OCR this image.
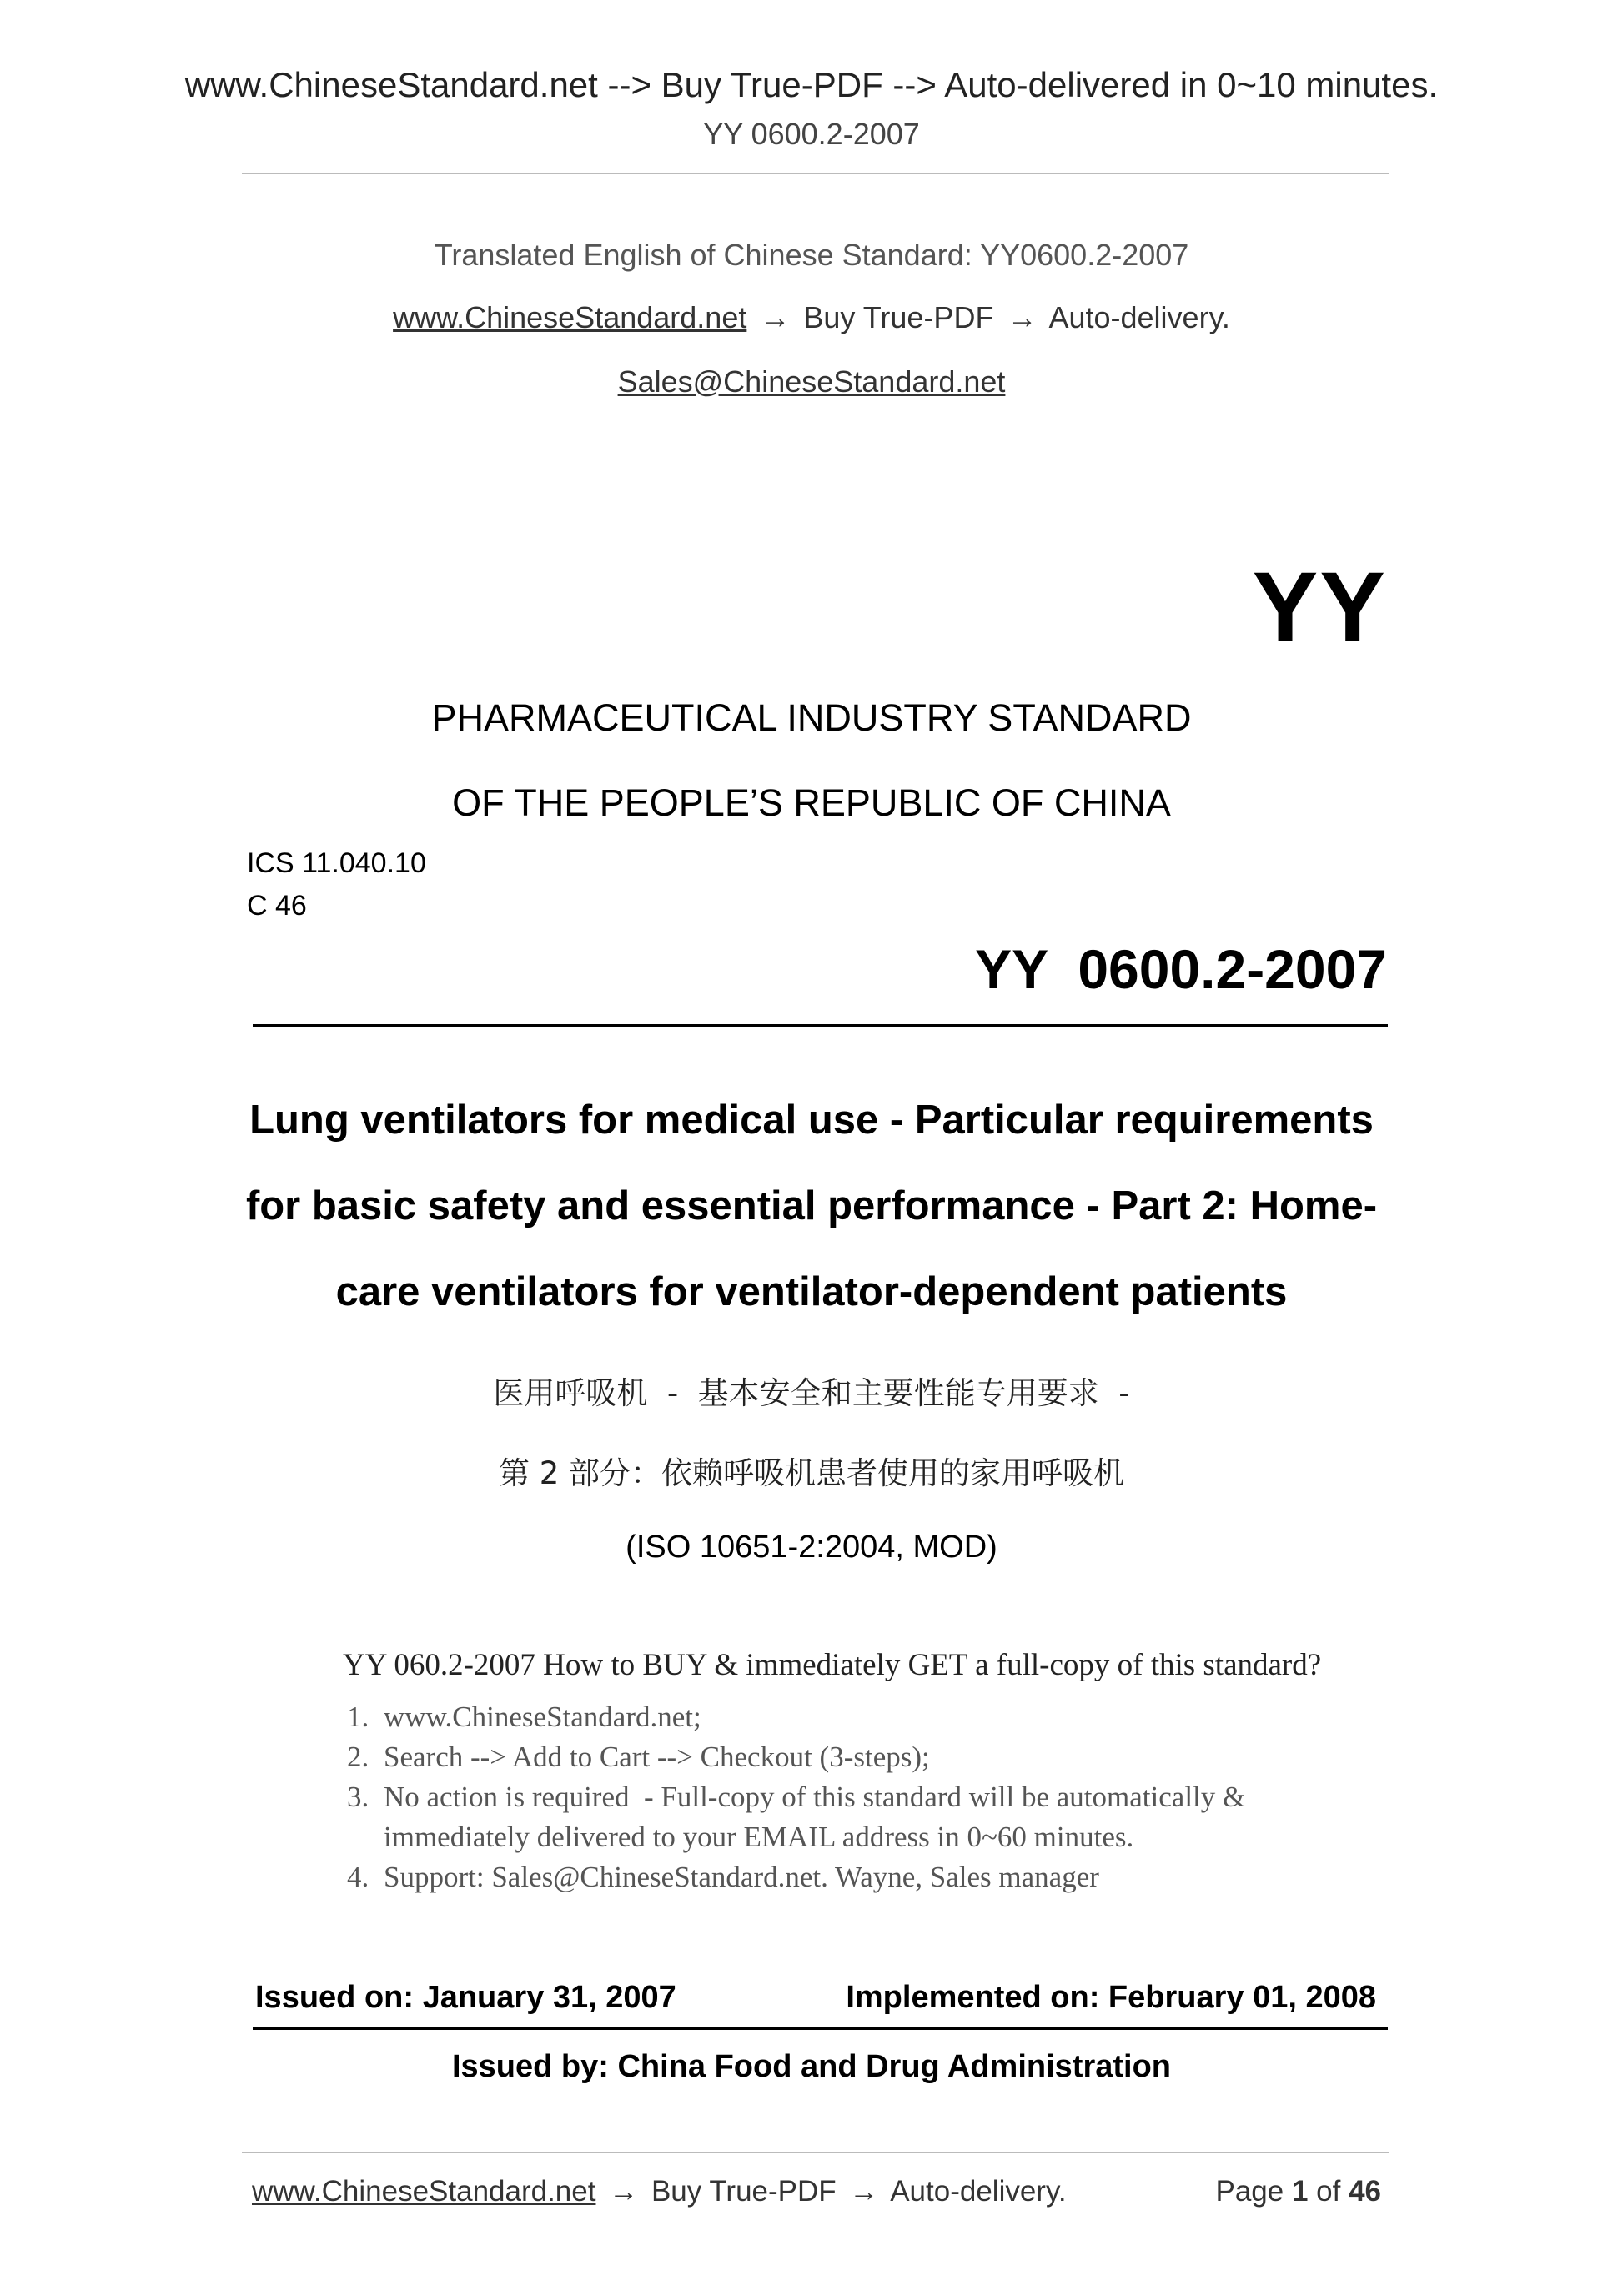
www.ChineseStandard.net --> Buy True-PDF --> Auto-delivered in 0~10 minutes.
YY 0600.2-2007
Translated English of Chinese Standard: YY0600.2-2007
www.ChineseStandard.net → Buy True-PDF → Auto-delivery.
Sales@ChineseStandard.net
YY
PHARMACEUTICAL INDUSTRY STANDARD
OF THE PEOPLE’S REPUBLIC OF CHINA
ICS 11.040.10
C 46
YY 0600.2-2007
Lung ventilators for medical use - Particular requirements
for basic safety and essential performance - Part 2: Home-
care ventilators for ventilator-dependent patients
医用呼吸机  -  基本安全和主要性能专用要求  -
第 2 部分：依赖呼吸机患者使用的家用呼吸机
(ISO 10651-2:2004, MOD)
YY 060.2-2007 How to BUY & immediately GET a full-copy of this standard?
1. www.ChineseStandard.net;
2. Search --> Add to Cart --> Checkout (3-steps);
3. No action is required  - Full-copy of this standard will be automatically &
immediately delivered to your EMAIL address in 0~60 minutes.
4. Support: Sales@ChineseStandard.net. Wayne, Sales manager
Issued on: January 31, 2007	Implemented on: February 01, 2008
Issued by: China Food and Drug Administration
www.ChineseStandard.net → Buy True-PDF → Auto-delivery.	Page 1 of 46
